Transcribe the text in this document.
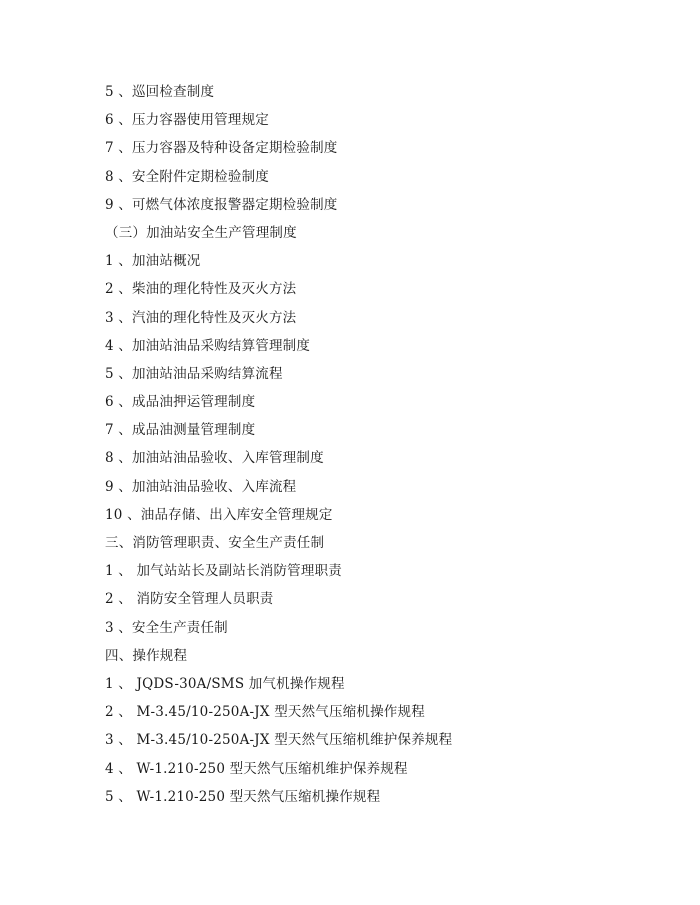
5 、巡回检查制度
6 、压力容器使用管理规定
7 、压力容器及特种设备定期检验制度
8 、安全附件定期检验制度
9 、可燃气体浓度报警器定期检验制度
（三）加油站安全生产管理制度
1 、加油站概况
2 、柴油的理化特性及灭火方法
3 、汽油的理化特性及灭火方法
4 、加油站油品采购结算管理制度
5 、加油站油品采购结算流程
6 、成品油押运管理制度
7 、成品油测量管理制度
8 、加油站油品验收、入库管理制度
9 、加油站油品验收、入库流程
10 、油品存储、出入库安全管理规定
三、消防管理职责、安全生产责任制
1 、 加气站站长及副站长消防管理职责
2 、 消防安全管理人员职责
3 、安全生产责任制
四、操作规程
1 、 JQDS-30A/SMS 加气机操作规程
2 、 M-3.45/10-250A-JX 型天然气压缩机操作规程
3 、 M-3.45/10-250A-JX 型天然气压缩机维护保养规程
4 、 W-1.210-250 型天然气压缩机维护保养规程
5 、 W-1.210-250 型天然气压缩机操作规程
